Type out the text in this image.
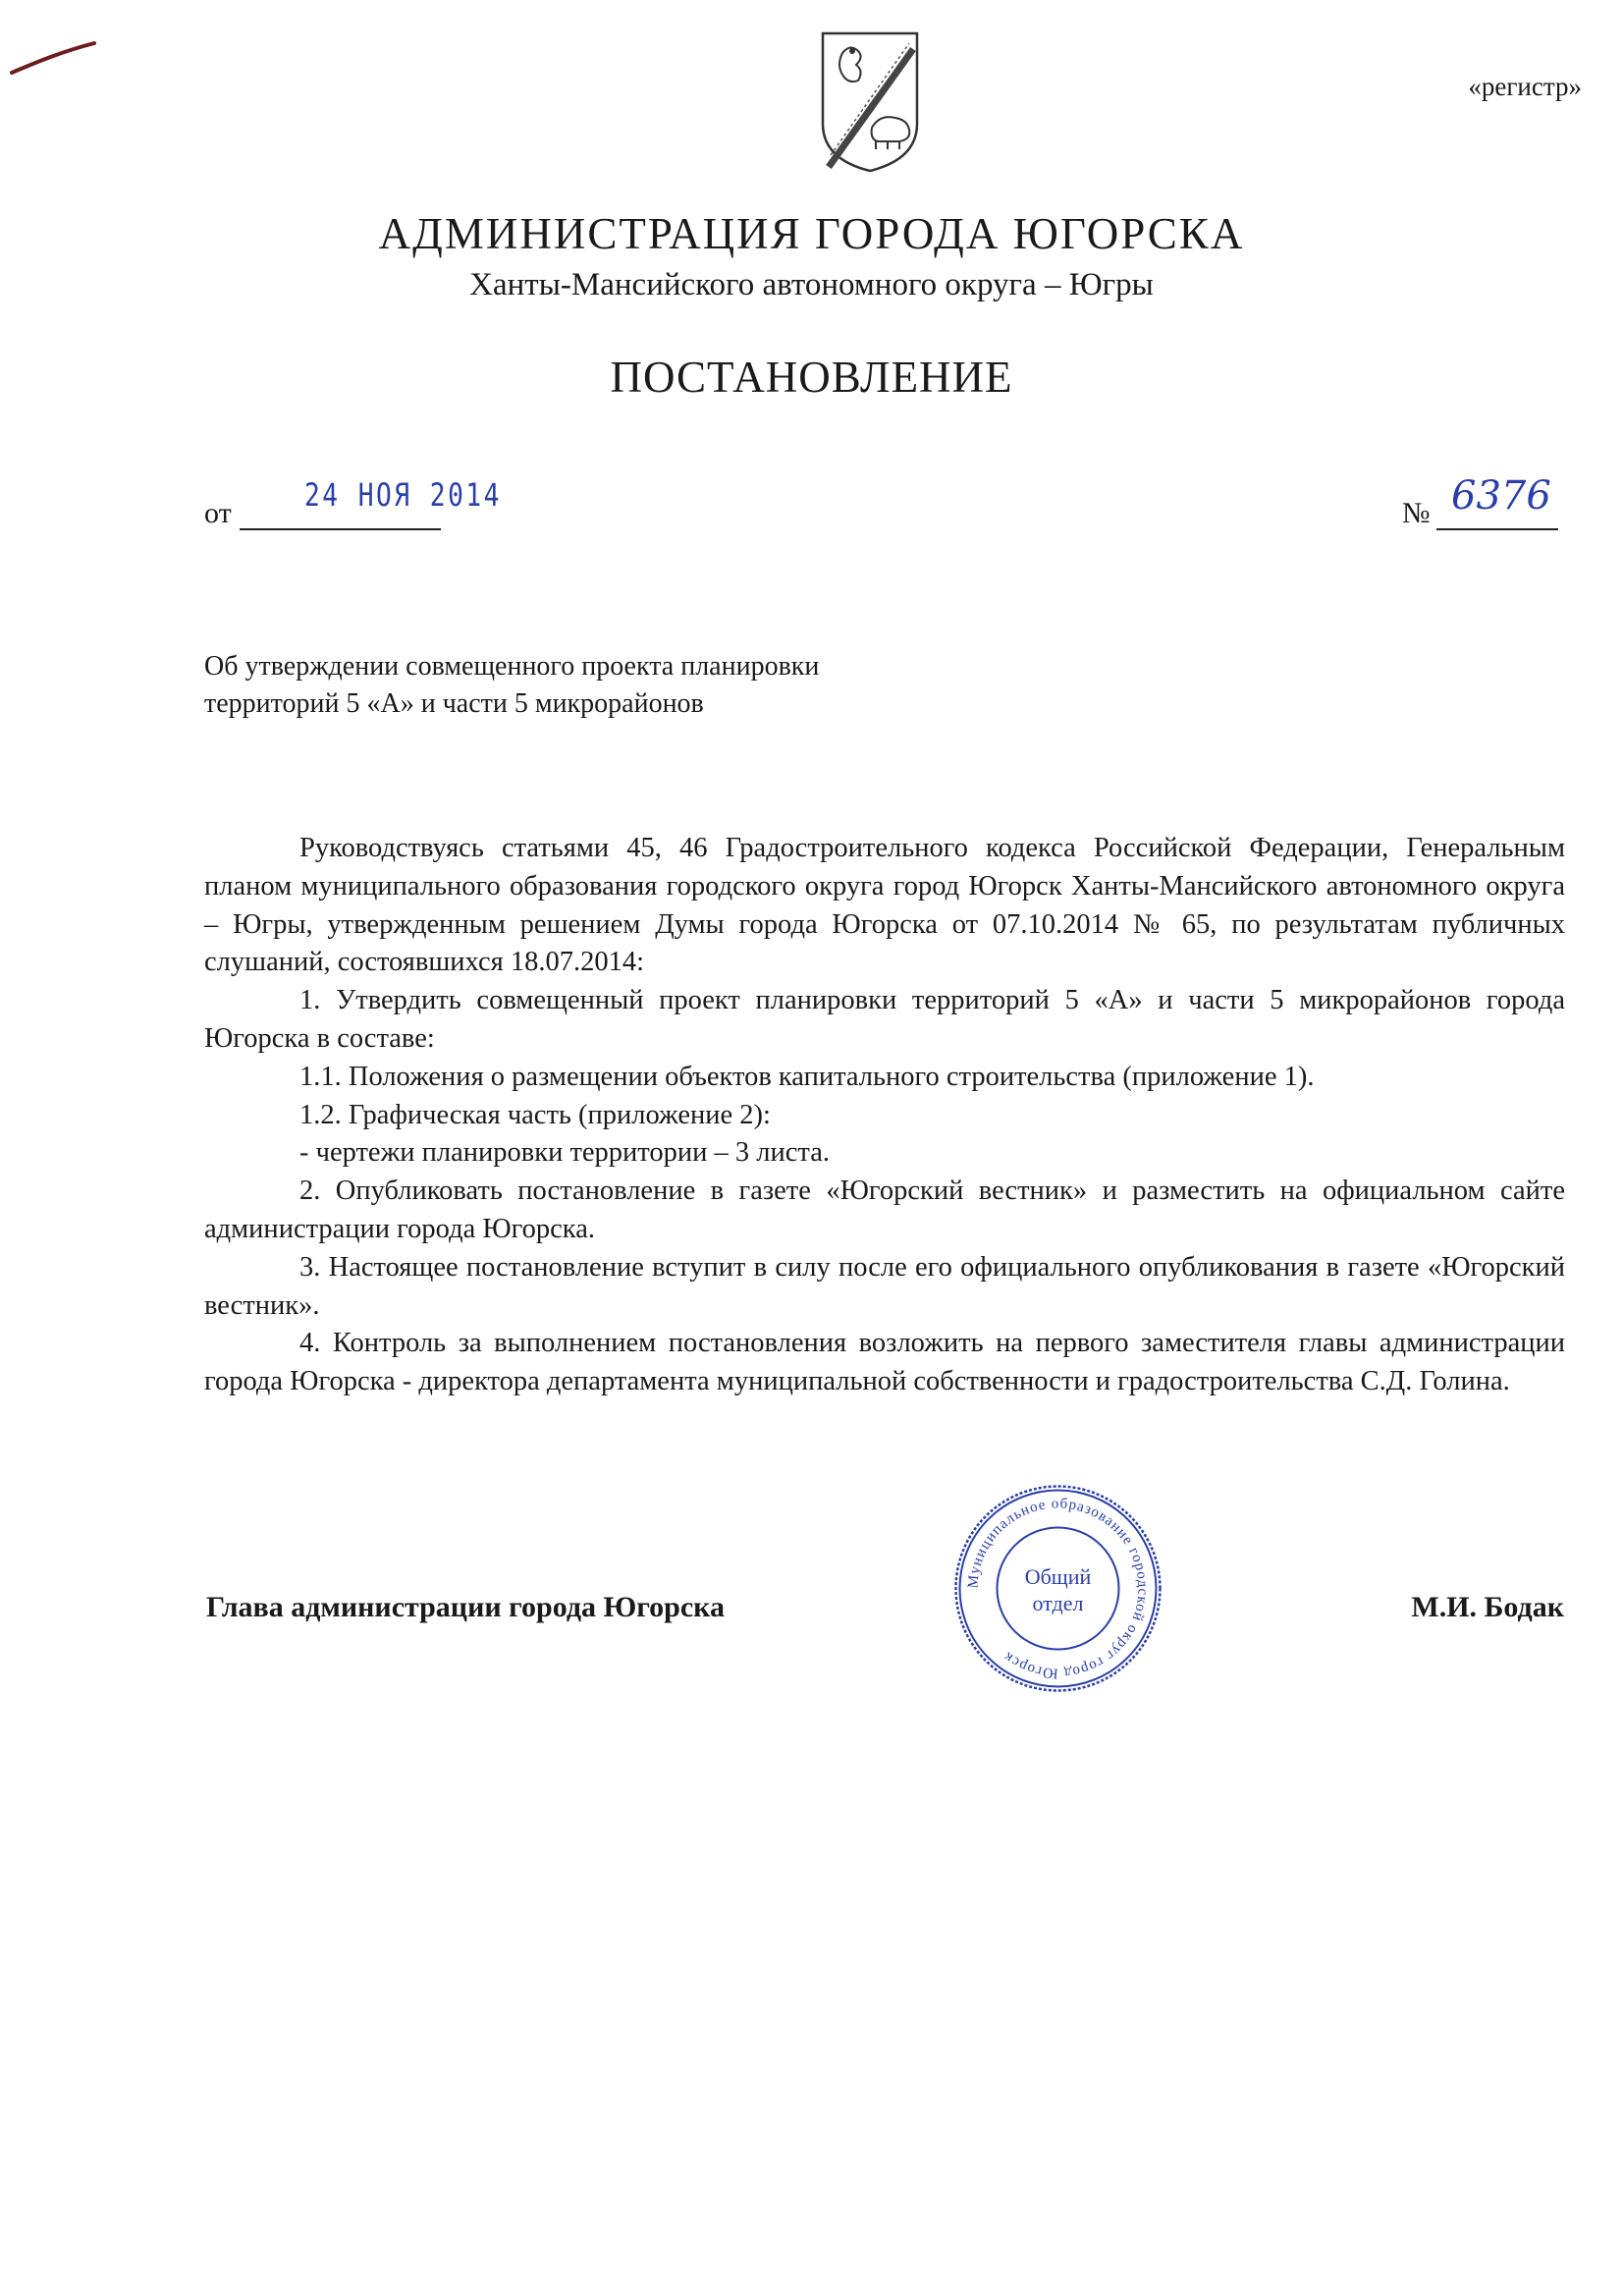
«регистр»
АДМИНИСТРАЦИЯ ГОРОДА ЮГОРСКА
Ханты-Мансийского автономного округа – Югры
ПОСТАНОВЛЕНИЕ
от	24 НОЯ 2014	№ 6376
Об утверждении совмещенного проекта планировки
территорий 5 «А» и части 5 микрорайонов

Руководствуясь статьями 45, 46 Градостроительного кодекса Российской Федерации, Генеральным планом муниципального образования городского округа город Югорск Ханты-Мансийского автономного округа – Югры, утвержденным решением Думы города Югорска от 07.10.2014 № 65, по результатам публичных слушаний, состоявшихся 18.07.2014:

1. Утвердить совмещенный проект планировки территорий 5 «А» и части 5 микрорайонов города Югорска в составе:

1.1. Положения о размещении объектов капитального строительства (приложение 1).

1.2. Графическая часть (приложение 2):

- чертежи планировки территории – 3 листа.

2. Опубликовать постановление в газете «Югорский вестник» и разместить на официальном сайте администрации города Югорска.

3. Настоящее постановление вступит в силу после его официального опубликования в газете «Югорский вестник».

4. Контроль за выполнением постановления возложить на первого заместителя главы администрации города Югорска - директора департамента муниципальной собственности и градостроительства С.Д. Голина.

Глава администрации города Югорска	М.И. Бодак
Муниципальное образование городской округ город Югорск
Общий
отдел
